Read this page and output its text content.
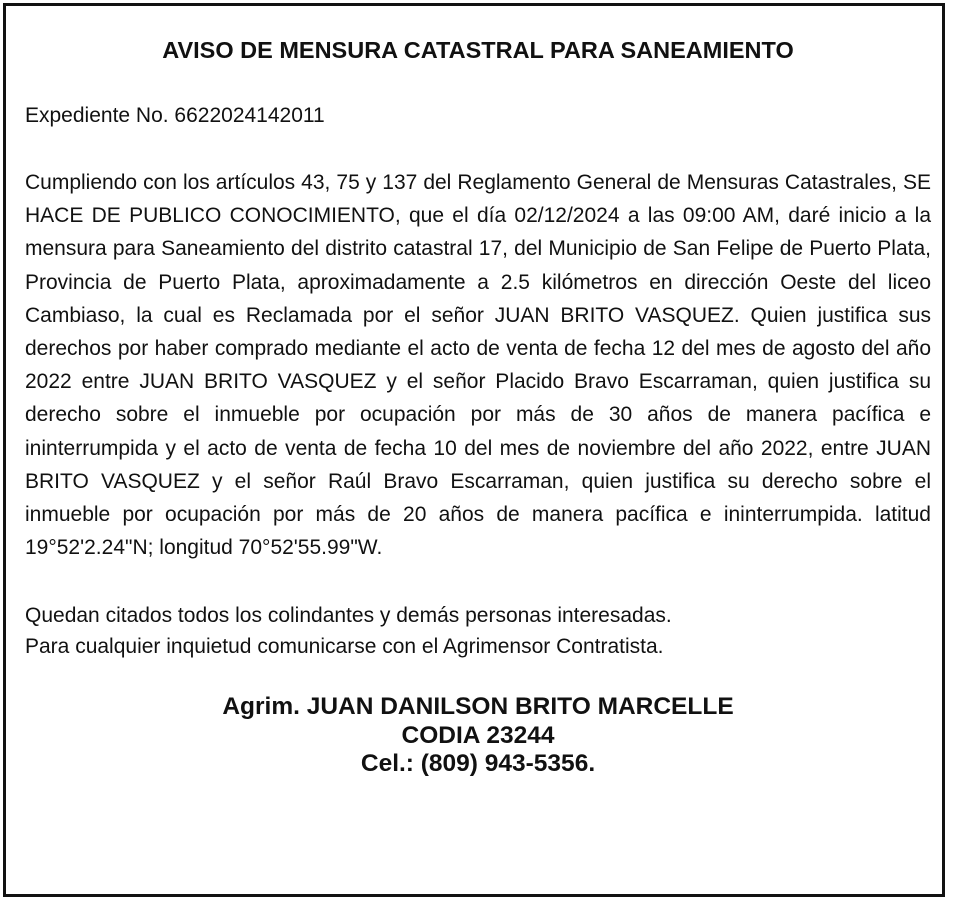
AVISO DE MENSURA CATASTRAL PARA SANEAMIENTO

Expediente No. 6622024142011

Cumpliendo con los artículos 43, 75 y 137 del Reglamento General de Mensuras Catastrales, SE HACE DE PUBLICO CONOCIMIENTO, que el día 02/12/2024 a las 09:00 AM, daré inicio a la mensura para Saneamiento del distrito catastral 17, del Municipio de San Felipe de Puerto Plata, Provincia de Puerto Plata, aproximadamente a 2.5 kilómetros en dirección Oeste del liceo Cambiaso, la cual es Reclamada por el señor JUAN BRITO VASQUEZ. Quien justifica sus derechos por haber comprado mediante el acto de venta de fecha 12 del mes de agosto del año 2022 entre JUAN BRITO VASQUEZ y el señor Placido Bravo Escarraman, quien justifica su derecho sobre el inmueble por ocupación por más de 30 años de manera pacífica e ininterrumpida y el acto de venta de fecha 10 del mes de noviembre del año 2022, entre JUAN BRITO VASQUEZ y el señor Raúl Bravo Escarraman, quien justifica su derecho sobre el inmueble por ocupación por más de 20 años de manera pacífica e ininterrumpida. latitud 19°52'2.24"N; longitud 70°52'55.99"W.

Quedan citados todos los colindantes y demás personas interesadas.

Para cualquier inquietud comunicarse con el Agrimensor Contratista.

Agrim. JUAN DANILSON BRITO MARCELLE
CODIA 23244
Cel.: (809) 943-5356.
